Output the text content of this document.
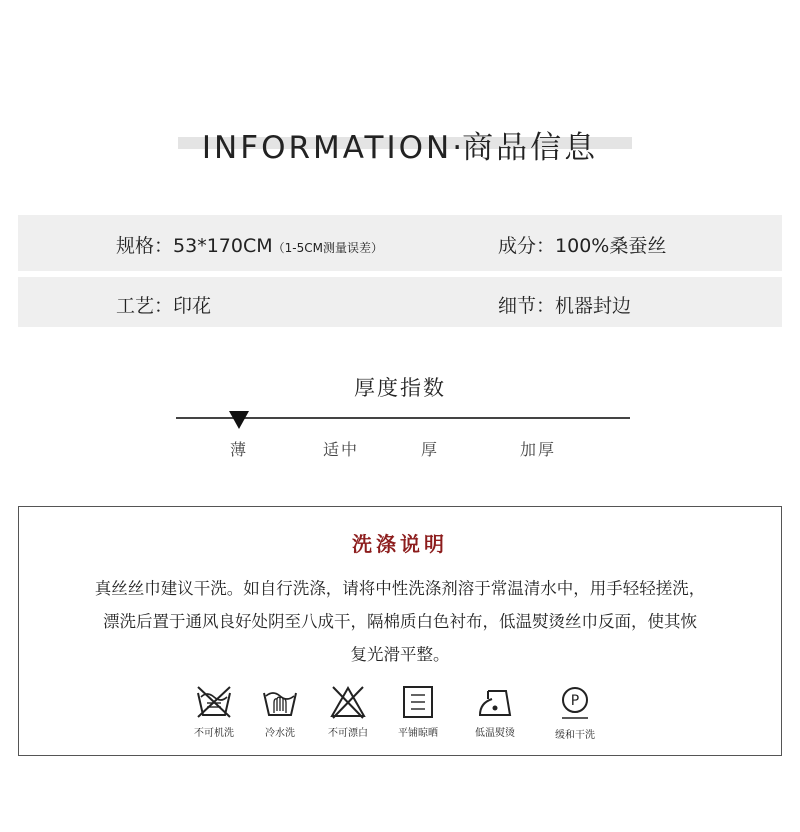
INFORMATION·商品信息
规格：53*170CM（1-5CM测量误差）	成分：100%桑蚕丝
工艺：印花	细节：机器封边
厚度指数
薄	适中	厚	加厚
洗涤说明
真丝丝巾建议干洗。如自行洗涤，请将中性洗涤剂溶于常温清水中，用手轻轻搓洗，
漂洗后置于通风良好处阴至八成干，隔棉质白色衬布，低温熨烫丝巾反面，使其恢
复光滑平整。
不可机洗	冷水洗	不可漂白	平铺晾晒	低温熨烫
P
缓和干洗
